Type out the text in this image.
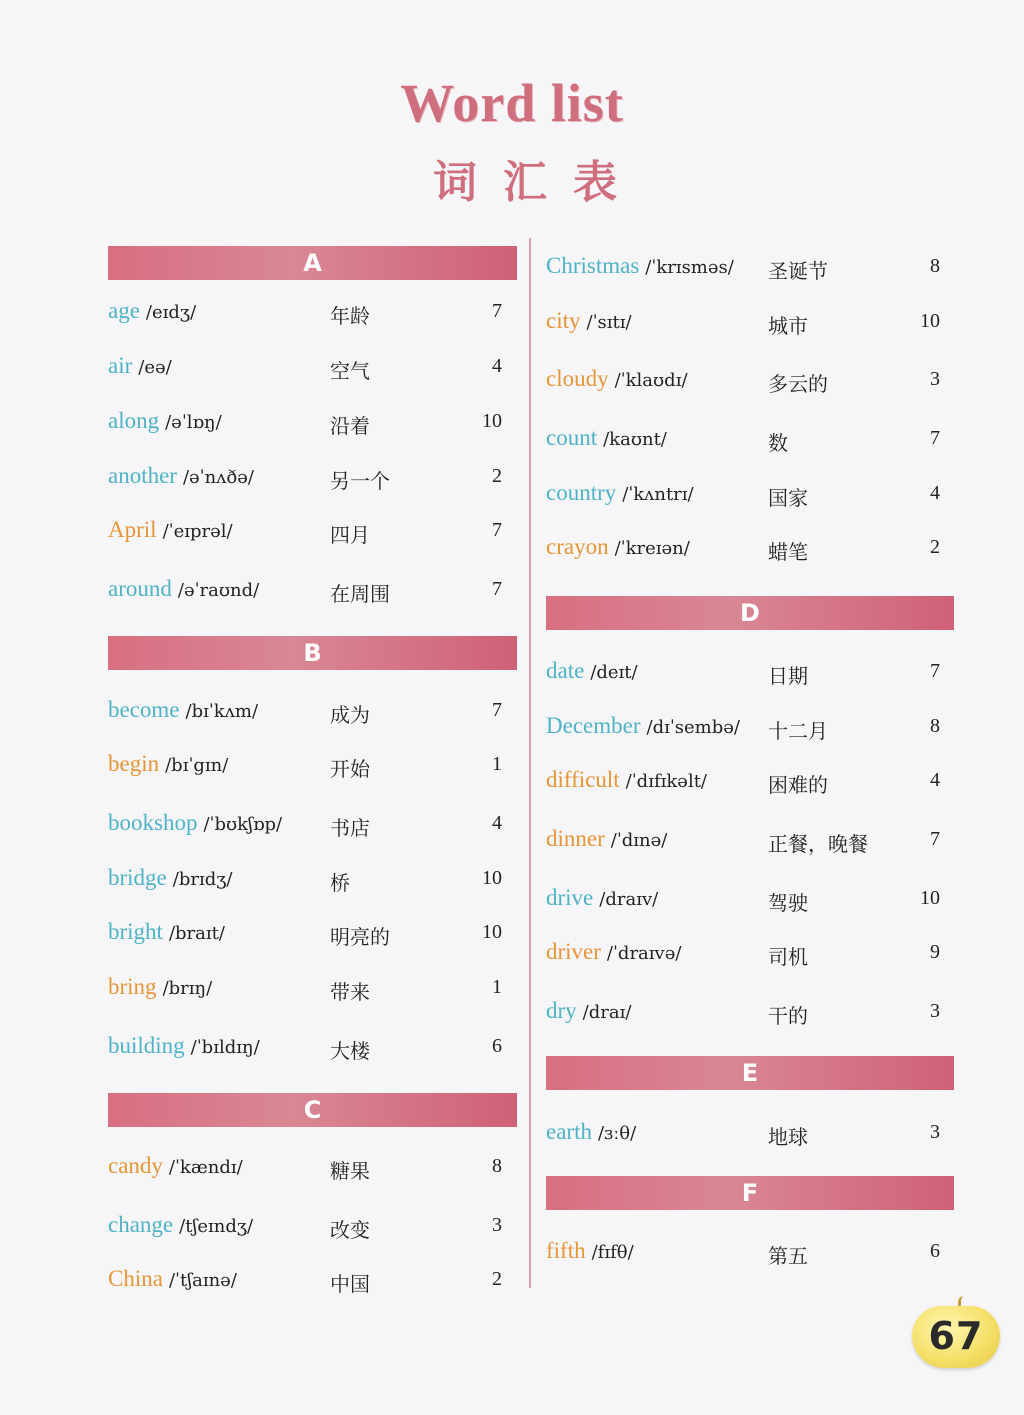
Word list
词汇表
A
age /eɪdʒ/	年龄	7
air /eə/	空气	4
along /əˈlɒŋ/	沿着	10
another /əˈnʌðə/	另一个	2
April /ˈeɪprəl/	四月	7
around /əˈraʊnd/	在周围	7
B
become /bɪˈkʌm/	成为	7
begin /bɪˈgɪn/	开始	1
bookshop /ˈbʊkʃɒp/ 书店	4
bridge /brɪdʒ/	桥	10
bright /braɪt/	明亮的	10
bring /brɪŋ/	带来	1
building /ˈbɪldɪŋ/	大楼	6
C
candy /ˈkændɪ/	糖果	8
change /tʃeɪndʒ/	改变	3
China /ˈtʃaɪnə/	中国	2
Christmas /ˈkrɪsməs/ 圣诞节	8
city /ˈsɪtɪ/	城市	10
cloudy /ˈklaʊdɪ/	多云的	3
count /kaʊnt/	数	7
country /ˈkʌntrɪ/	国家	4
crayon /ˈkreɪən/	蜡笔	2
D
date /deɪt/	日期	7
December /dɪˈsembə/ 十二月	8
difficult /ˈdɪfɪkəlt/	困难的	4
dinner /ˈdɪnə/	正餐，晚餐	7
drive /draɪv/	驾驶	10
driver /ˈdraɪvə/	司机	9
dry /draɪ/	干的	3
E
earth /ɜːθ/	地球	3
F
fifth /fɪfθ/	第五	6
67
